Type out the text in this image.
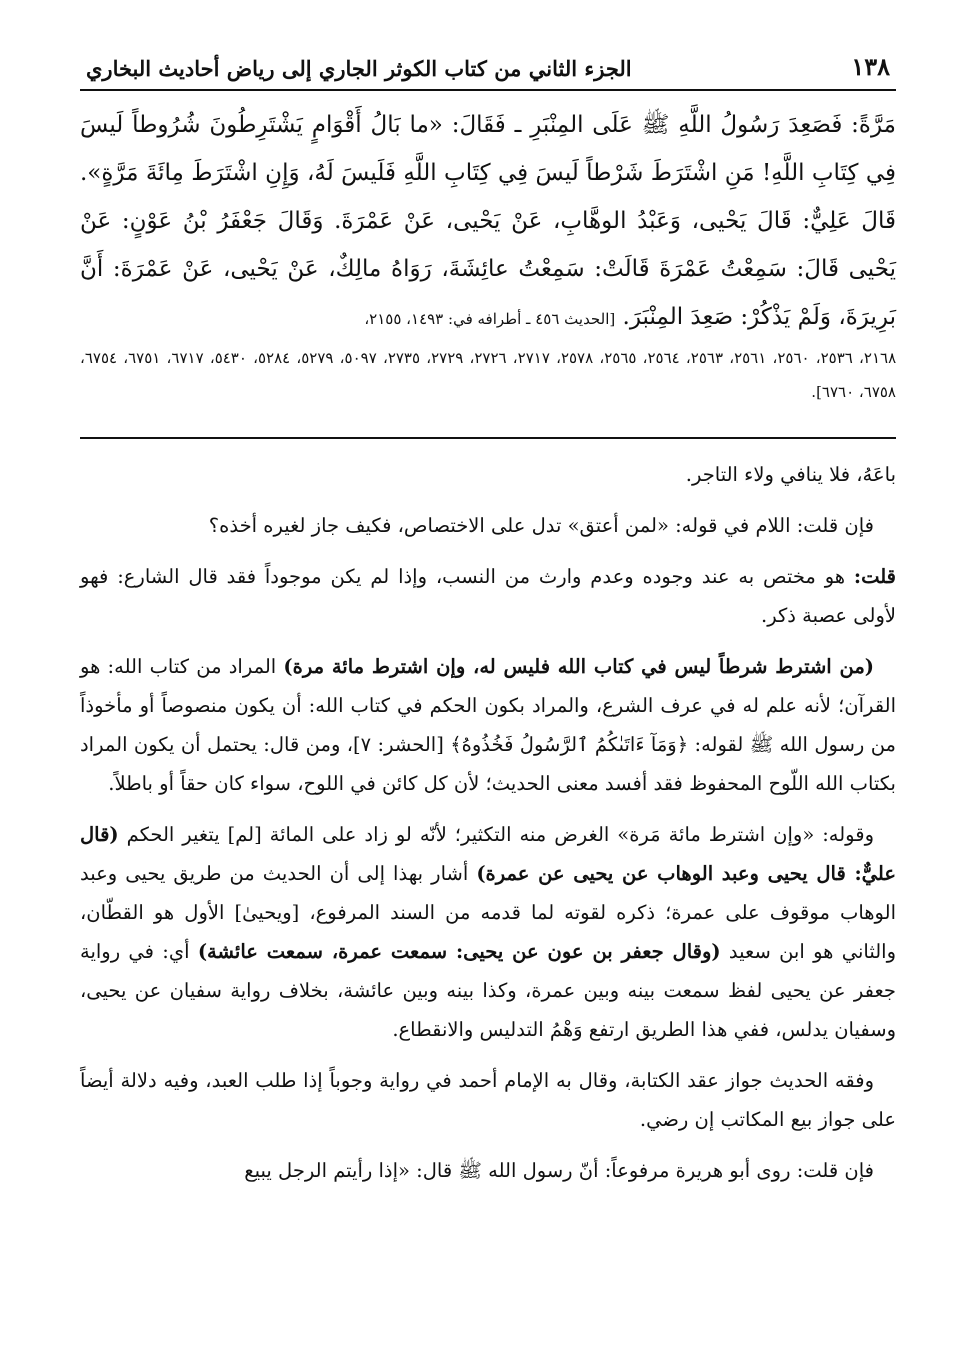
١٣٨
الجزء الثاني من كتاب الكوثر الجاري إلى رياض أحاديث البخاري

مَرَّةً: فَصَعِدَ رَسُولُ اللَّهِ ﷺ عَلَى المِنْبَرِ ـ فَقَالَ: «ما بَالُ أَقْوَامٍ يَشْتَرِطُونَ شُرُوطاً لَيسَ فِي كِتَابِ اللَّهِ! مَنِ اشْتَرَطَ شَرْطاً لَيسَ فِي كِتَابِ اللَّهِ فَلَيسَ لَهُ، وَإِنِ اشْتَرَطَ مِائَةَ مَرَّةٍ». قَالَ عَلِيٌّ: قَالَ يَحْيى، وَعَبْدُ الوهَّابِ، عَنْ يَحْيى، عَنْ عَمْرَةَ. وَقَالَ جَعْفَرُ بْنُ عَوْنٍ: عَنْ يَحْيى قَالَ: سَمِعْتُ عَمْرَةَ قَالَتْ: سَمِعْتُ عائِشَةَ، رَوَاهُ مالِكٌ، عَنْ يَحْيى، عَنْ عَمْرَةَ: أَنَّ بَرِيرَةَ، وَلَمْ يَذْكُرْ: صَعِدَ المِنْبَرَ. [الحديث ٤٥٦ ـ أطرافه في: ١٤٩٣، ٢١٥٥،

٢١٦٨، ٢٥٣٦، ٢٥٦٠، ٢٥٦١، ٢٥٦٣، ٢٥٦٤، ٢٥٦٥، ٢٥٧٨، ٢٧١٧، ٢٧٢٦، ٢٧٢٩، ٢٧٣٥، ٥٠٩٧، ٥٢٧٩، ٥٢٨٤، ٥٤٣٠، ٦٧١٧، ٦٧٥١، ٦٧٥٤، ٦٧٥٨، ٦٧٦٠].

باعَهُ، فلا ينافي ولاء التاجر.

فإن قلت: اللام في قوله: «لمن أعتق» تدل على الاختصاص، فكيف جاز لغيره أخذه؟

قلت: هو مختص به عند وجوده وعدم وارث من النسب، وإذا لم يكن موجوداً فقد قال الشارع: فهو لأولى عصبة ذكر.

(من اشترط شرطاً ليس في كتاب الله فليس له، وإن اشترط مائة مرة) المراد من كتاب الله: هو القرآن؛ لأنه علم له في عرف الشرع، والمراد بكون الحكم في كتاب الله: أن يكون منصوصاً أو مأخوذاً من رسول الله ﷺ لقوله: ﴿وَمَآ ءَاتَىٰكُمُ ٱلرَّسُولُ فَخُذُوهُ﴾ [الحشر: ٧]، ومن قال: يحتمل أن يكون المراد بكتاب الله اللّوح المحفوظ فقد أفسد معنى الحديث؛ لأن كل كائن في اللوح، سواء كان حقاً أو باطلاً.

وقوله: «وإن اشترط مائة مَرة» الغرض منه التكثير؛ لأنّه لو زاد على المائة [لم] يتغير الحكم (قال عليٌّ: قال يحيى وعبد الوهاب عن يحيى عن عمرة) أشار بهذا إلى أن الحديث من طريق يحيى وعبد الوهاب موقوف على عمرة؛ ذكره لقوته لما قدمه من السند المرفوع، [ويحيىٰ] الأول هو القطّان، والثاني هو ابن سعيد (وقال جعفر بن عون عن يحيى: سمعت عمرة، سمعت عائشة) أي: في رواية جعفر عن يحيى لفظ سمعت بينه وبين عمرة، وكذا بينه وبين عائشة، بخلاف رواية سفيان عن يحيى، وسفيان يدلس، ففي هذا الطريق ارتفع وَهْمُ التدليس والانقطاع.

وفقه الحديث جواز عقد الكتابة، وقال به الإمام أحمد في رواية وجوباً إذا طلب العبد، وفيه دلالة أيضاً على جواز بيع المكاتب إن رضي.

فإن قلت: روى أبو هريرة مرفوعاً: أنّ رسول الله ﷺ قال: «إذا رأيتم الرجل يبيع
